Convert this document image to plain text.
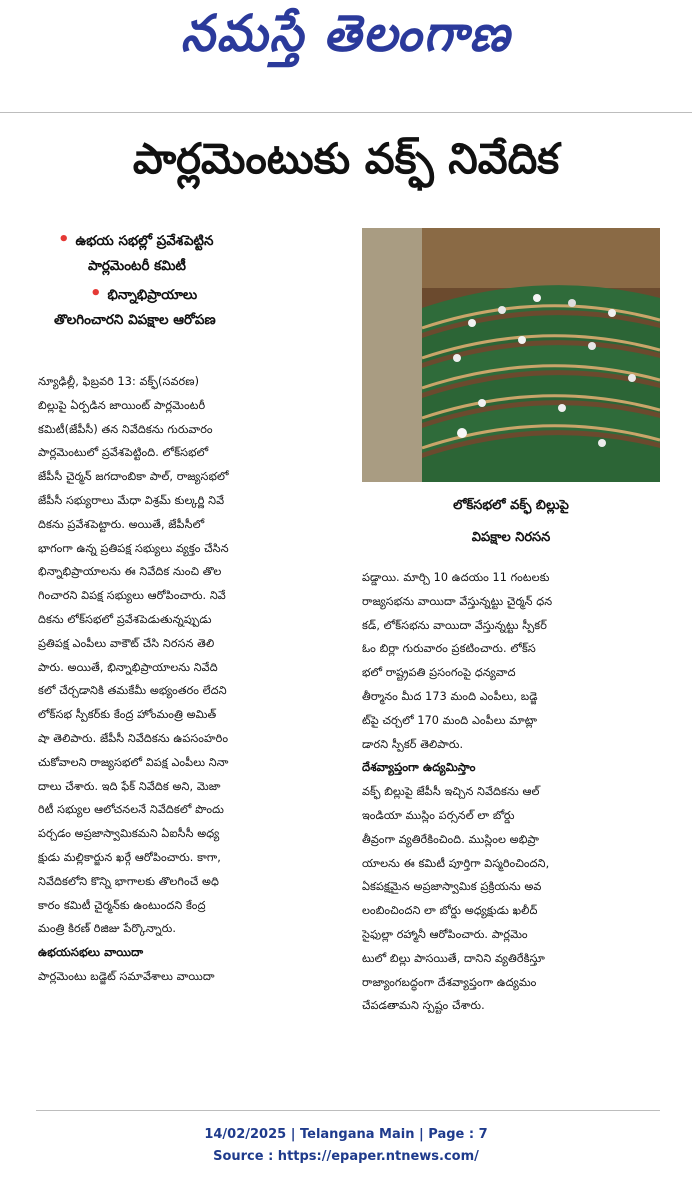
నమస్తే తెలంగాణ
పార్లమెంటుకు వక్ఫ్ నివేదిక
• ఉభయ సభల్లో ప్రవేశపెట్టిన
పార్లమెంటరీ కమిటీ
• భిన్నాభిప్రాయాలు
తొలగించారని విపక్షాల ఆరోపణ
లోక్‌సభలో వక్ఫ్ బిల్లుపై
విపక్షాల నిరసన
న్యూఢిల్లీ, ఫిబ్రవరి 13: వక్ఫ్(సవరణ)
బిల్లుపై ఏర్పడిన జాయింట్ పార్లమెంటరీ
కమిటీ(జేపీసీ) తన నివేదికను గురువారం
పార్లమెంటులో ప్రవేశపెట్టింది. లోక్‌సభలో
జేపీసీ చైర్మన్ జగదాంబికా పాల్, రాజ్యసభలో
జేపీసీ సభ్యురాలు మేధా విశ్రమ్ కుల్కర్ణి నివే
దికను ప్రవేశపెట్టారు. అయితే, జేపీసీలో
భాగంగా ఉన్న ప్రతిపక్ష సభ్యులు వ్యక్తం చేసిన
భిన్నాభిప్రాయాలను ఈ నివేదిక నుంచి తొల
గించారని విపక్ష సభ్యులు ఆరోపించారు. నివే
దికను లోక్‌సభలో ప్రవేశపెడుతున్నప్పుడు
ప్రతిపక్ష ఎంపీలు వాకౌట్ చేసి నిరసన తెలి
పారు. అయితే, భిన్నాభిప్రాయాలను నివేది
కలో చేర్చడానికి తమకేమీ అభ్యంతరం లేదని
లోక్‌సభ స్పీకర్‌కు కేంద్ర హోంమంత్రి అమిత్
షా తెలిపారు. జేపీసీ నివేదికను ఉపసంహరిం
చుకోవాలని రాజ్యసభలో విపక్ష ఎంపీలు నినా
దాలు చేశారు. ఇది ఫేక్ నివేదిక అని, మెజా
రిటీ సభ్యుల ఆలోచనలనే నివేదికలో పొందు
పర్చడం అప్రజాస్వామికమని ఏఐసీసీ అధ్య
క్షుడు మల్లికార్జున ఖర్గే ఆరోపించారు. కాగా,
నివేదికలోని కొన్ని భాగాలకు తొలగించే అధి
కారం కమిటీ చైర్మన్‌కు ఉంటుందని కేంద్ర
మంత్రి కిరణ్ రిజిజు పేర్కొన్నారు.
ఉభయసభలు వాయిదా
పార్లమెంటు బడ్జెట్ సమావేశాలు వాయిదా
పడ్డాయి. మార్చి 10 ఉదయం 11 గంటలకు
రాజ్యసభను వాయిదా వేస్తున్నట్టు చైర్మన్ ధన
కడ్, లోక్‌సభను వాయిదా వేస్తున్నట్టు స్పీకర్
ఓం బిర్లా గురువారం ప్రకటించారు. లోక్‌స
భలో రాష్ట్రపతి ప్రసంగంపై ధన్యవాద
తీర్మానం మీద 173 మంది ఎంపీలు, బడ్జె
ట్‌పై చర్చలో 170 మంది ఎంపీలు మాట్లా
డారని స్పీకర్ తెలిపారు.
దేశవ్యాప్తంగా ఉద్యమిస్తాం
వక్ఫ్ బిల్లుపై జేపీసీ ఇచ్చిన నివేదికను ఆల్
ఇండియా ముస్లిం పర్సనల్ లా బోర్డు
తీవ్రంగా వ్యతిరేకించింది. ముస్లింల అభిప్రా
యాలను ఈ కమిటీ పూర్తిగా విస్మరించిందని,
ఏకపక్షమైన అప్రజాస్వామిక ప్రక్రియను అవ
లంబించిందని లా బోర్డు అధ్యక్షుడు ఖలీద్
సైఫుల్లా రహ్మానీ ఆరోపించారు. పార్లమెం
టులో బిల్లు పాసయితే, దానిని వ్యతిరేకిస్తూ
రాజ్యాంగబద్ధంగా దేశవ్యాప్తంగా ఉద్యమం
చేపడతామని స్పష్టం చేశారు.
14/02/2025 | Telangana Main | Page : 7
Source : https://epaper.ntnews.com/
